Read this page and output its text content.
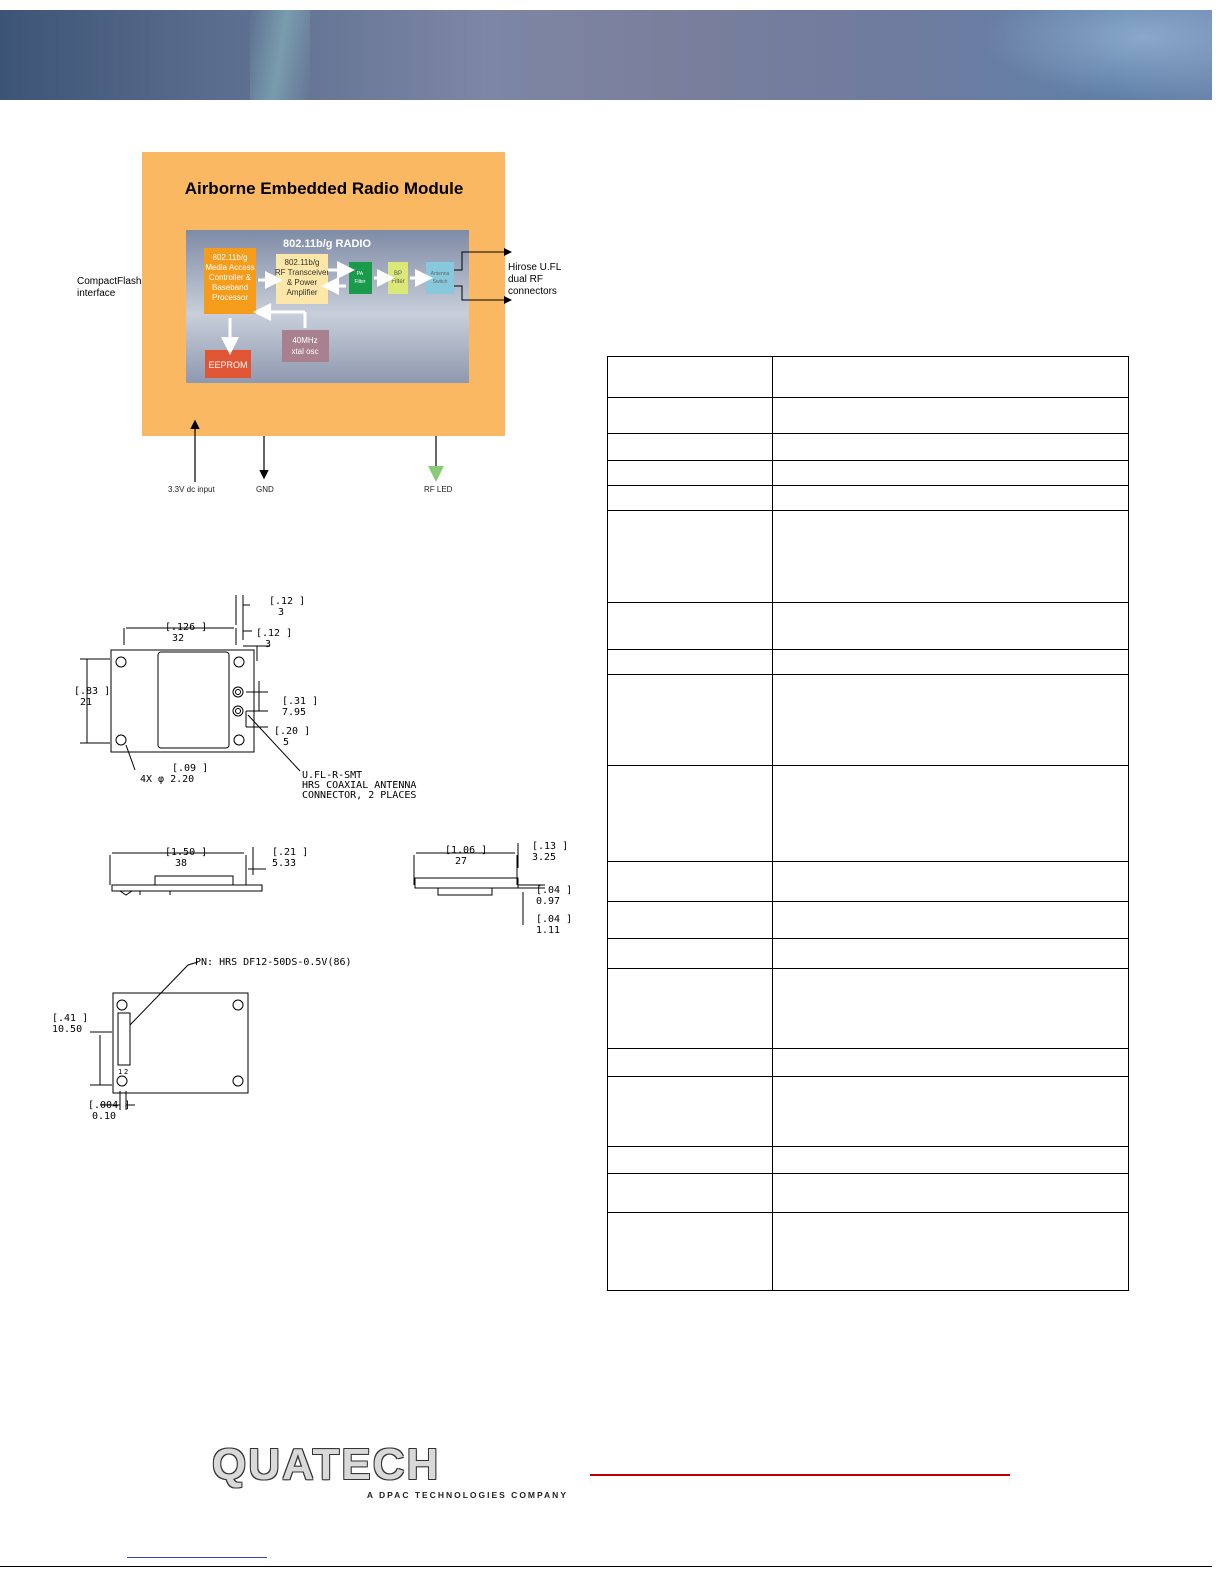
Airborne Embedded Radio Module
802.11b/g RADIO
802.11b/g
Media Access
Controller &
Baseband
Processor
802.11b/g
RF Transceiver
& Power
Amplifier
PA
Filter
BP
Filter
Antenna
Switch
EEPROM
40MHz
xtal osc
Hirose U.FL
dual RF
connectors
CompactFlash
interface
3.3V dc input	GND	RF LED
[.126 ]
32
[.12 ]
3
[.12 ]
3
[.83 ]
21	[.31 ]
7.95
[.20 ]
5
[.09 ]
4X φ 2.20	U.FL-R-SMT
HRS COAXIAL ANTENNA
CONNECTOR, 2 PLACES
[1.50 ]
38
[.21 ]
5.33
[1.06 ]
27
[.13 ]
3.25
[.04 ]
0.97
[.04 ]
1.11
PN: HRS DF12-50DS-0.5V(86)
[.41 ]
10.50
[.004 ]
0.10
2
1

QUATECH
A DPAC TECHNOLOGIES COMPANY
